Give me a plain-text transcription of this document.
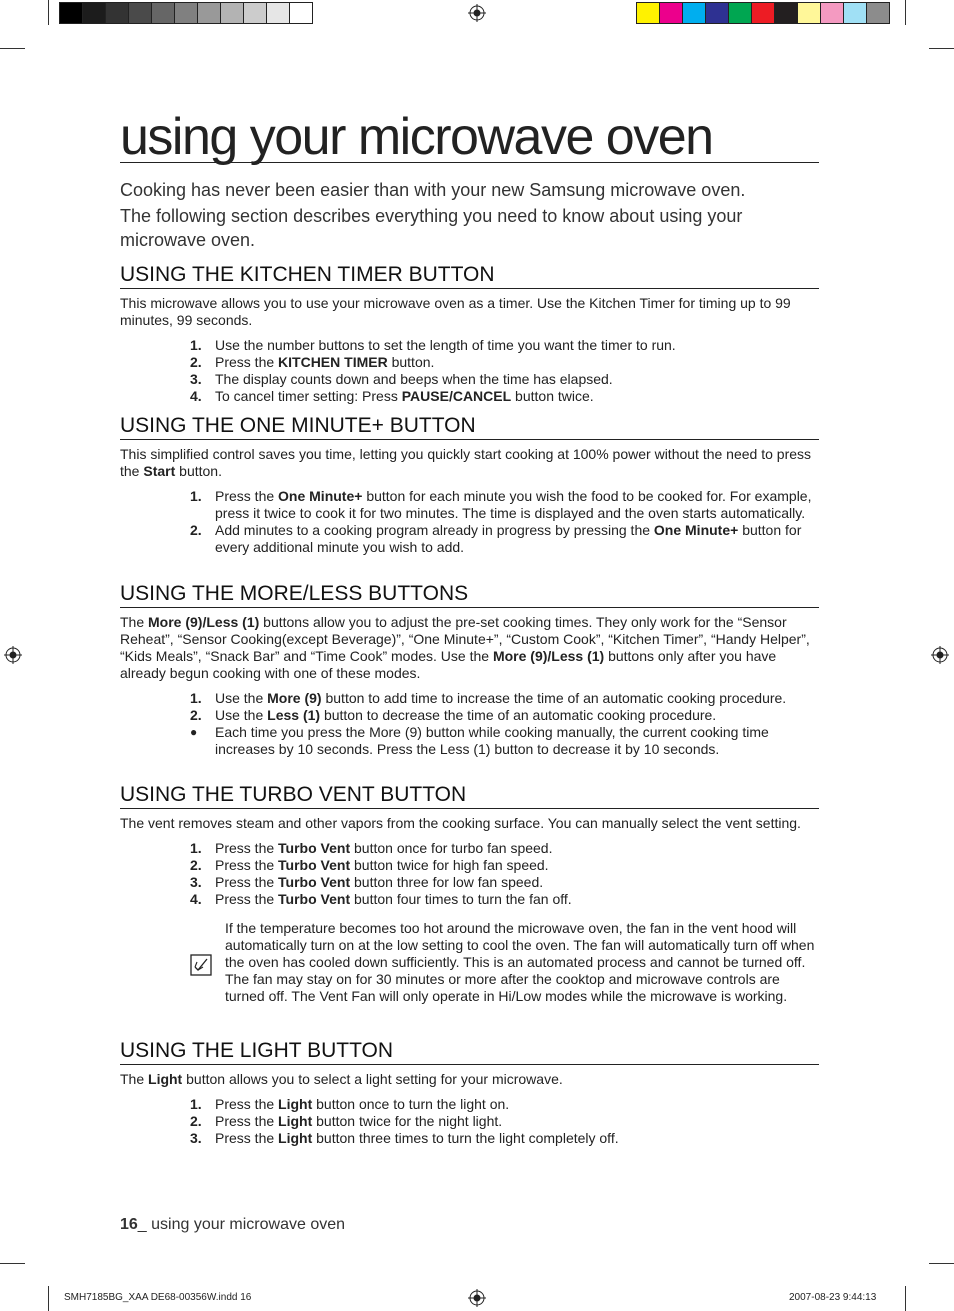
using your microwave oven

Cooking has never been easier than with your new Samsung microwave oven.

The following section describes everything you need to know about using your microwave oven.

USING THE KITCHEN TIMER BUTTON

This microwave allows you to use your microwave oven as a timer. Use the Kitchen Timer for timing up to 99 minutes, 99 seconds.

1. Use the number buttons to set the length of time you want the timer to run.
2. Press the KITCHEN TIMER button.
3. The display counts down and beeps when the time has elapsed.
4. To cancel timer setting: Press PAUSE/CANCEL button twice.
USING THE ONE MINUTE+ BUTTON

This simplified control saves you time, letting you quickly start cooking at 100% power without the need to press the Start button.

1. Press the One Minute+ button for each minute you wish the food to be cooked for. For example, press it twice to cook it for two minutes. The time is displayed and the oven starts automatically.
2. Add minutes to a cooking program already in progress by pressing the One Minute+ button for every additional minute you wish to add.
USING THE MORE/LESS BUTTONS

The More (9)/Less (1) buttons allow you to adjust the pre-set cooking times. They only work for the “Sensor Reheat”, “Sensor Cooking(except Beverage)”, “One Minute+”, “Custom Cook”, “Kitchen Timer”, “Handy Helper”, “Kids Meals”, “Snack Bar” and “Time Cook” modes. Use the More (9)/Less (1) buttons only after you have already begun cooking with one of these modes.

1. Use the More (9) button to add time to increase the time of an automatic cooking procedure.
2. Use the Less (1) button to decrease the time of an automatic cooking procedure.
● Each time you press the More (9) button while cooking manually, the current cooking time increases by 10 seconds. Press the Less (1) button to decrease it by 10 seconds.
USING THE TURBO VENT BUTTON

The vent removes steam and other vapors from the cooking surface. You can manually select the vent setting.

1. Press the Turbo Vent button once for turbo fan speed.
2. Press the Turbo Vent button twice for high fan speed.
3. Press the Turbo Vent button three for low fan speed.
4. Press the Turbo Vent button four times to turn the fan off.
USING THE LIGHT BUTTON

The Light button allows you to select a light setting for your microwave.

1. Press the Light button once to turn the light on.
2. Press the Light button twice for the night light.
3. Press the Light button three times to turn the light completely off.
If the temperature becomes too hot around the microwave oven, the fan in the vent hood will automatically turn on at the low setting to cool the oven. The fan will automatically turn off when the oven has cooled down sufficiently. This is an automated process and cannot be turned off. The fan may stay on for 30 minutes or more after the cooktop and microwave controls are turned off. The Vent Fan will only operate in Hi/Low modes while the microwave is working.
16_ using your microwave oven
SMH7185BG_XAA DE68-00356W.indd 16	2007-08-23 9:44:13
